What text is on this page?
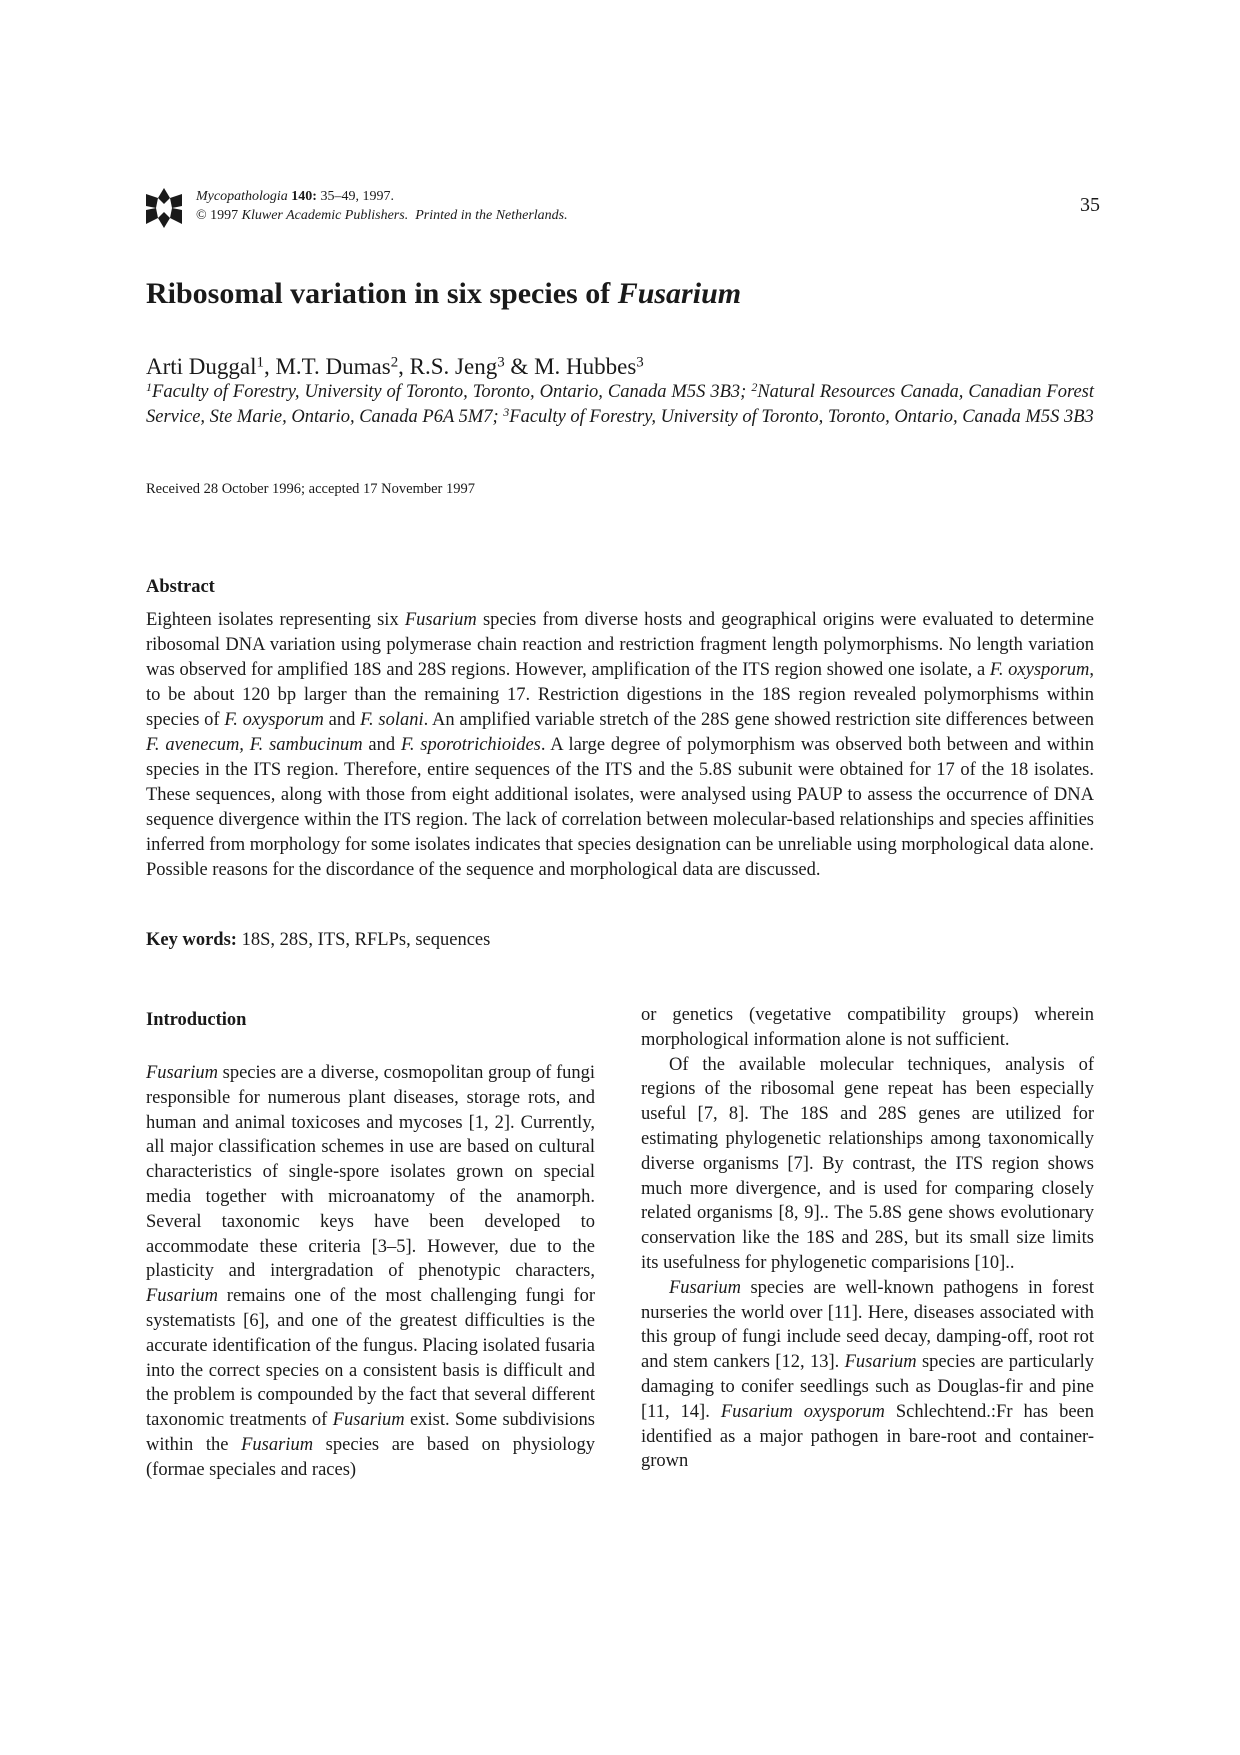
Mycopathologia 140: 35–49, 1997.
© 1997 Kluwer Academic Publishers. Printed in the Netherlands.	35
Ribosomal variation in six species of Fusarium
Arti Duggal$^1$, M.T. Dumas$^2$, R.S. Jeng$^3$ & M. Hubbes$^3$
$^1$Faculty of Forestry, University of Toronto, Toronto, Ontario, Canada M5S 3B3; $^2$Natural Resources Canada, Canadian Forest Service, Ste Marie, Ontario, Canada P6A 5M7; $^3$Faculty of Forestry, University of Toronto, Toronto, Ontario, Canada M5S 3B3
Received 28 October 1996; accepted 17 November 1997
Abstract
Eighteen isolates representing six Fusarium species from diverse hosts and geographical origins were evaluated to determine ribosomal DNA variation using polymerase chain reaction and restriction fragment length polymorphisms. No length variation was observed for amplified 18S and 28S regions. However, amplification of the ITS region showed one isolate, a F. oxysporum, to be about 120 bp larger than the remaining 17. Restriction digestions in the 18S region revealed polymorphisms within species of F. oxysporum and F. solani. An amplified variable stretch of the 28S gene showed restriction site differences between F. avenecum, F. sambucinum and F. sporotrichioides. A large degree of polymorphism was observed both between and within species in the ITS region. Therefore, entire sequences of the ITS and the 5.8S subunit were obtained for 17 of the 18 isolates. These sequences, along with those from eight additional isolates, were analysed using PAUP to assess the occurrence of DNA sequence divergence within the ITS region. The lack of correlation between molecular-based relationships and species affinities inferred from morphology for some isolates indicates that species designation can be unreliable using morphological data alone. Possible reasons for the discordance of the sequence and morphological data are discussed.
Key words: 18S, 28S, ITS, RFLPs, sequences
Introduction

Fusarium species are a diverse, cosmopolitan group of fungi responsible for numerous plant diseases, storage rots, and human and animal toxicoses and mycoses [1, 2]. Currently, all major classification schemes in use are based on cultural characteristics of single-spore isolates grown on special media together with microanatomy of the anamorph. Several taxonomic keys have been developed to accommodate these criteria [3–5]. However, due to the plasticity and intergradation of phenotypic characters, Fusarium remains one of the most challenging fungi for systematists [6], and one of the greatest difficulties is the accurate identification of the fungus. Placing isolated fusaria into the correct species on a consistent basis is difficult and the problem is compounded by the fact that several different taxonomic treatments of Fusarium exist. Some subdivisions within the Fusarium species are based on physiology (formae speciales and races)

or genetics (vegetative compatibility groups) wherein morphological information alone is not sufficient.

Of the available molecular techniques, analysis of regions of the ribosomal gene repeat has been especially useful [7, 8]. The 18S and 28S genes are utilized for estimating phylogenetic relationships among taxonomically diverse organisms [7]. By contrast, the ITS region shows much more divergence, and is used for comparing closely related organisms [8, 9].. The 5.8S gene shows evolutionary conservation like the 18S and 28S, but its small size limits its usefulness for phylogenetic comparisions [10]..

Fusarium species are well-known pathogens in forest nurseries the world over [11]. Here, diseases associated with this group of fungi include seed decay, damping-off, root rot and stem cankers [12, 13]. Fusarium species are particularly damaging to conifer seedlings such as Douglas-fir and pine [11, 14]. Fusarium oxysporum Schlechtend.:Fr has been identified as a major pathogen in bare-root and container-grown
